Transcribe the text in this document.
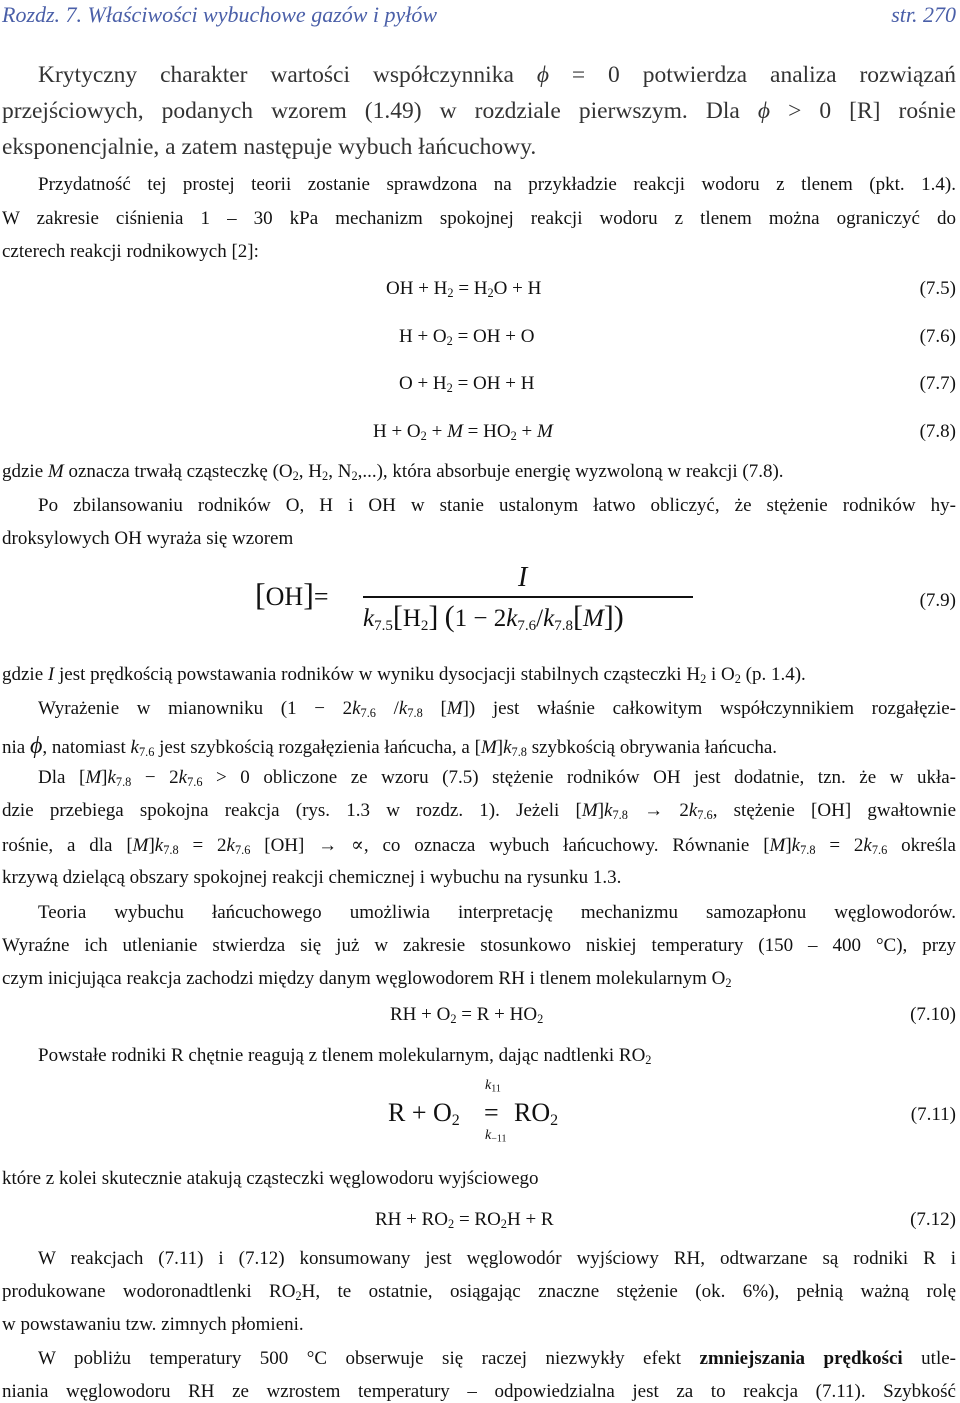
Rozdz. 7. Właściwości wybuchowe gazów i pyłów	str. 270
Krytyczny charakter wartości współczynnika ϕ = 0 potwierdza analiza rozwiązań
przejściowych, podanych wzorem (1.49) w rozdziale pierwszym. Dla ϕ > 0 [R] rośnie
eksponencjalnie, a zatem następuje wybuch łańcuchowy.
Przydatność tej prostej teorii zostanie sprawdzona na przykładzie reakcji wodoru z tlenem (pkt. 1.4).
W zakresie ciśnienia 1 – 30 kPa mechanizm spokojnej reakcji wodoru z tlenem można ograniczyć do
czterech reakcji rodnikowych [2]:
OH + $H_2 = H_2O + H$	(7.5)
$H + O_2$ = OH + O	(7.6)
$O + H_2$ = OH + H	(7.7)
$H + O_2 + M = HO_2 + M$	(7.8)
gdzie M oznacza trwałą cząsteczkę ($O_2$, $H_2$, $N_2$,...), która absorbuje energię wyzwoloną w reakcji (7.8).
Po zbilansowaniu rodników O, H i OH w stanie ustalonym łatwo obliczyć, że stężenie rodników hy-
droksylowych OH wyraża się wzorem
[OH]=
I
$k_{7.5}[H_2] (1 - 2k_{7.6}/k_{7.8}[M])$	(7.9)
gdzie I jest prędkością powstawania rodników w wyniku dysocjacji stabilnych cząsteczki $H_2$ i $O_2$ (p. 1.4).
Wyrażenie w mianowniku ($1 - 2k_{7.6}$ $/k_{7.8}$ [M]) jest właśnie całkowitym współczynnikiem rozgałęzie-
nia ϕ, natomiast $k_{7.6}$ jest szybkością rozgałęzienia łańcucha, a $[M]k_{7.8}$ szybkością obrywania łańcucha.
Dla $[M]k_{7.8} - 2k_{7.6} > 0$ obliczone ze wzoru (7.5) stężenie rodników OH jest dodatnie, tzn. że w ukła-
dzie przebiega spokojna reakcja (rys. 1.3 w rozdz. 1). Jeżeli $[M]k_{7.8} \to 2k_{7.6}$, stężenie [OH] gwałtownie
rośnie, a dla $[M]k_{7.8} = 2k_{7.6}$ [OH] → ∝, co oznacza wybuch łańcuchowy. Równanie $[M]k_{7.8} = 2k_{7.6}$ określa
krzywą dzielącą obszary spokojnej reakcji chemicznej i wybuchu na rysunku 1.3.
Teoria wybuchu łańcuchowego umożliwia interpretację mechanizmu samozapłonu węglowodorów.
Wyraźne ich utlenianie stwierdza się już w zakresie stosunkowo niskiej temperatury (150 – 400 °C), przy
czym inicjująca reakcja zachodzi między danym węglowodorem RH i tlenem molekularnym $O_2$
RH + $O_2 = R + HO_2$	(7.10)
Powstałe rodniki R chętnie reagują z tlenem molekularnym, dając nadtlenki $RO_2$
$R + O_2$
$k_{11}$
=
$k_{-11}$
$RO_2$	(7.11)
które z kolei skutecznie atakują cząsteczki węglowodoru wyjściowego
RH + $RO_2 = RO_2H + R$	(7.12)
W reakcjach (7.11) i (7.12) konsumowany jest węglowodór wyjściowy RH, odtwarzane są rodniki R i
produkowane wodoronadtlenki $RO_2H$, te ostatnie, osiągając znaczne stężenie (ok. 6%), pełnią ważną rolę
w powstawaniu tzw. zimnych płomieni.
W pobliżu temperatury 500 °C obserwuje się raczej niezwykły efekt zmniejszania prędkości utle-
niania węglowodoru RH ze wzrostem temperatury – odpowiedzialna jest za to reakcja (7.11). Szybkość
